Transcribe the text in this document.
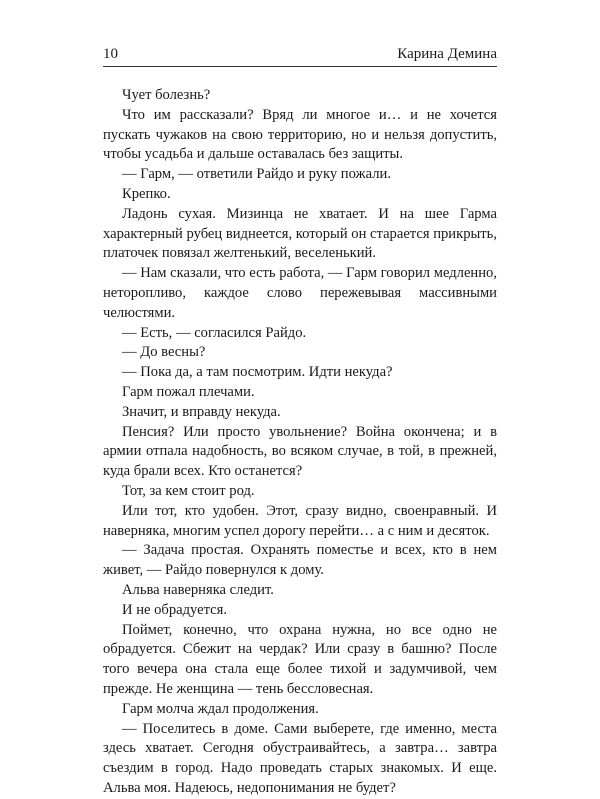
10	Карина Демина

Чует болезнь?

Что им рассказали? Вряд ли многое и… и не хочется пускать чужаков на свою территорию, но и нельзя допустить, чтобы усадьба и дальше оставалась без защиты.

— Гарм, — ответили Райдо и руку пожали.

Крепко.

Ладонь сухая. Мизинца не хватает. И на шее Гарма характерный рубец виднеется, который он старается прикрыть, платочек повязал желтенький, веселенький.

— Нам сказали, что есть работа, — Гарм говорил медленно, неторопливо, каждое слово пережевывая массивными челюстями.

— Есть, — согласился Райдо.

— До весны?

— Пока да, а там посмотрим. Идти некуда?

Гарм пожал плечами.

Значит, и вправду некуда.

Пенсия? Или просто увольнение? Война окончена; и в армии отпала надобность, во всяком случае, в той, в прежней, куда брали всех. Кто останется?

Тот, за кем стоит род.

Или тот, кто удобен. Этот, сразу видно, своенравный. И наверняка, многим успел дорогу перейти… а с ним и десяток.

— Задача простая. Охранять поместье и всех, кто в нем живет, — Райдо повернулся к дому.

Альва наверняка следит.

И не обрадуется.

Поймет, конечно, что охрана нужна, но все одно не обрадуется. Сбежит на чердак? Или сразу в башню? После того вечера она стала еще более тихой и задумчивой, чем прежде. Не женщина — тень бессловесная.

Гарм молча ждал продолжения.

— Поселитесь в доме. Сами выберете, где именно, места здесь хватает. Сегодня обустраивайтесь, а завтра… завтра съездим в город. Надо проведать старых знакомых. И еще. Альва моя. Надеюсь, недопонимания не будет?
